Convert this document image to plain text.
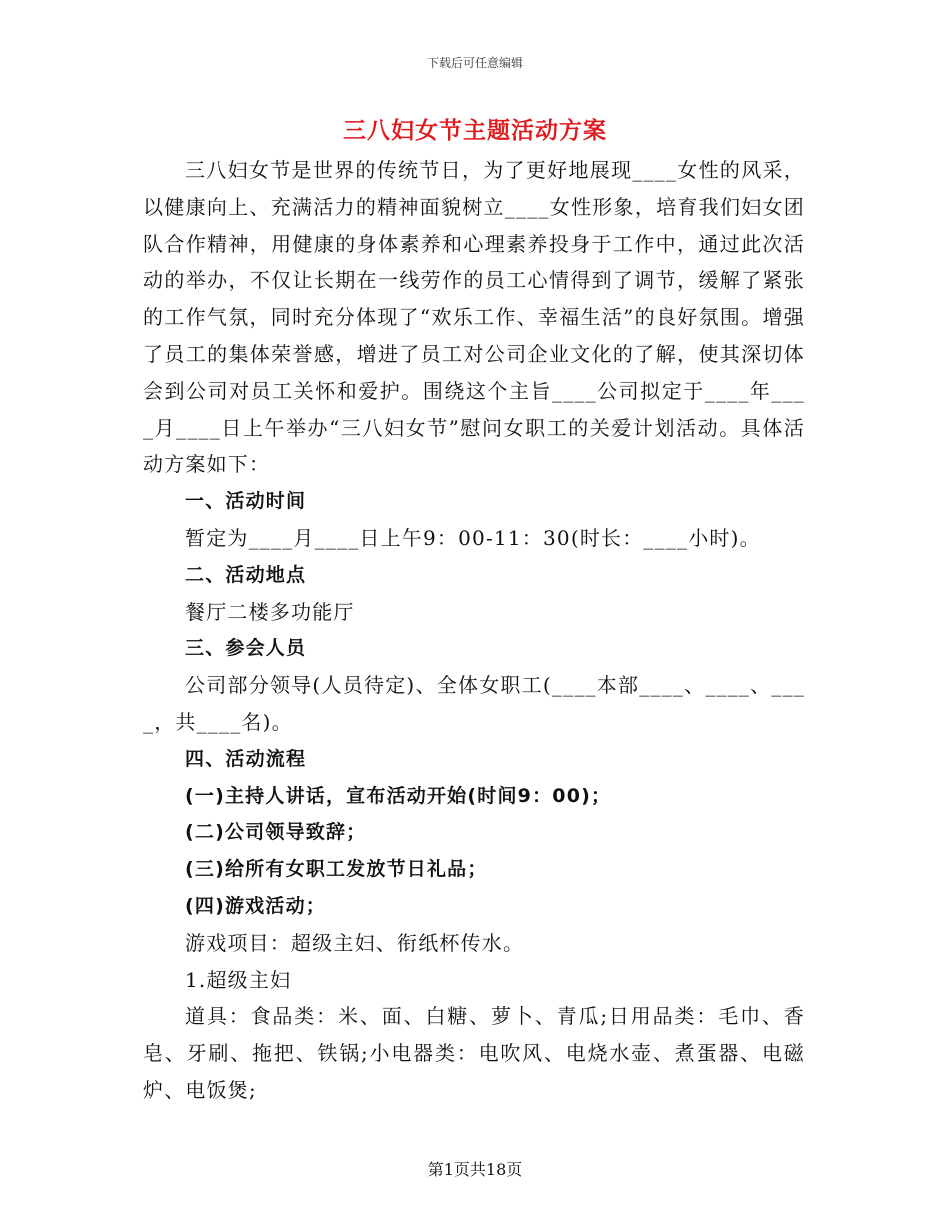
下载后可任意编辑
三八妇女节主题活动方案

三八妇女节是世界的传统节日，为了更好地展现____女性的风采，以健康向上、充满活力的精神面貌树立____女性形象，培育我们妇女团队合作精神，用健康的身体素养和心理素养投身于工作中，通过此次活动的举办，不仅让长期在一线劳作的员工心情得到了调节，缓解了紧张的工作气氛，同时充分体现了“欢乐工作、幸福生活”的良好氛围。增强了员工的集体荣誉感，增进了员工对公司企业文化的了解，使其深切体会到公司对员工关怀和爱护。围绕这个主旨____公司拟定于____年____月____日上午举办“三八妇女节”慰问女职工的关爱计划活动。具体活动方案如下：

一、活动时间

暂定为____月____日上午9：00-11：30(时长：____小时)。

二、活动地点

餐厅二楼多功能厅

三、参会人员

公司部分领导(人员待定)、全体女职工(____本部____、____、____，共____名)。

四、活动流程

(一)主持人讲话，宣布活动开始(时间9：00)；

(二)公司领导致辞；

(三)给所有女职工发放节日礼品；

(四)游戏活动；

游戏项目：超级主妇、衔纸杯传水。

1.超级主妇

道具：食品类：米、面、白糖、萝卜、青瓜;日用品类：毛巾、香皂、牙刷、拖把、铁锅;小电器类：电吹风、电烧水壶、煮蛋器、电磁炉、电饭煲;

第1页共18页
